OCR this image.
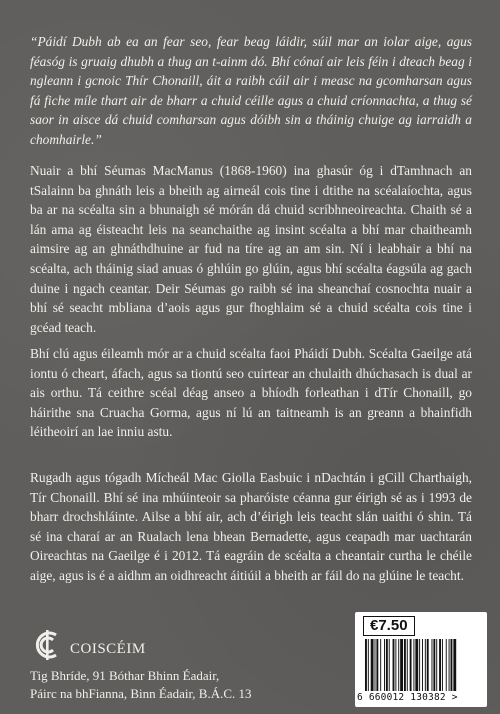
“Páidí Dubh ab ea an fear seo, fear beag láidir, súil mar an iolar aige, agus féasóg is gruaig dhubh a thug an t-ainm dó. Bhí cónaí air leis féin i dteach beag i ngleann i gcnoic Thír Chonaill, áit a raibh cáil air i measc na gcomharsan agus fá fiche míle thart air de bharr a chuid céille agus a chuid críonnachta, a thug sé saor in aisce dá chuid comharsan agus dóibh sin a tháinig chuige ag iarraidh a chomhairle.”

Nuair a bhí Séumas MacManus (1868-1960) ina ghasúr óg i dTamhnach an tSalainn ba ghnáth leis a bheith ag airneál cois tine i dtithe na scéalaíochta, agus ba ar na scéalta sin a bhunaigh sé mórán dá chuid scríbhneoireachta. Chaith sé a lán ama ag éisteacht leis na seanchaithe ag insint scéalta a bhí mar chaitheamh aimsire ag an ghnáthdhuine ar fud na tíre ag an am sin. Ní i leabhair a bhí na scéalta, ach tháinig siad anuas ó ghlúin go glúin, agus bhí scéalta éagsúla ag gach duine i ngach ceantar. Deir Séumas go raibh sé ina sheanchaí cosnochta nuair a bhí sé seacht mbliana d’aois agus gur fhoghlaim sé a chuid scéalta cois tine i gcéad teach.

Bhí clú agus éileamh mór ar a chuid scéalta faoi Pháidí Dubh. Scéalta Gaeilge atá iontu ó cheart, áfach, agus sa tiontú seo cuirtear an chulaith dhúchasach is dual ar ais orthu. Tá ceithre scéal déag anseo a bhíodh forleathan i dTír Chonaill, go háirithe sna Cruacha Gorma, agus ní lú an taitneamh is an greann a bhainfidh léitheoirí an lae inniu astu.

Rugadh agus tógadh Mícheál Mac Giolla Easbuic i nDachtán i gCill Charthaigh, Tír Chonaill. Bhí sé ina mhúinteoir sa pharóiste céanna gur éirigh sé as i 1993 de bharr drochshláinte. Ailse a bhí air, ach d’éirigh leis teacht slán uaithi ó shin. Tá sé ina charaí ar an Rualach lena bhean Bernadette, agus ceapadh mar uachtarán Oireachtas na Gaeilge é i 2012. Tá eagráin de scéalta a cheantair curtha le chéile aige, agus is é a aidhm an oidhreacht áitiúil a bheith ar fáil do na glúine le teacht.

COISCÉIM
Tig Bhríde, 91 Bóthar Bhinn Éadair,
Páirc na bhFianna, Binn Éadair, B.Á.C. 13
€7.50
6 660012 130382 >
